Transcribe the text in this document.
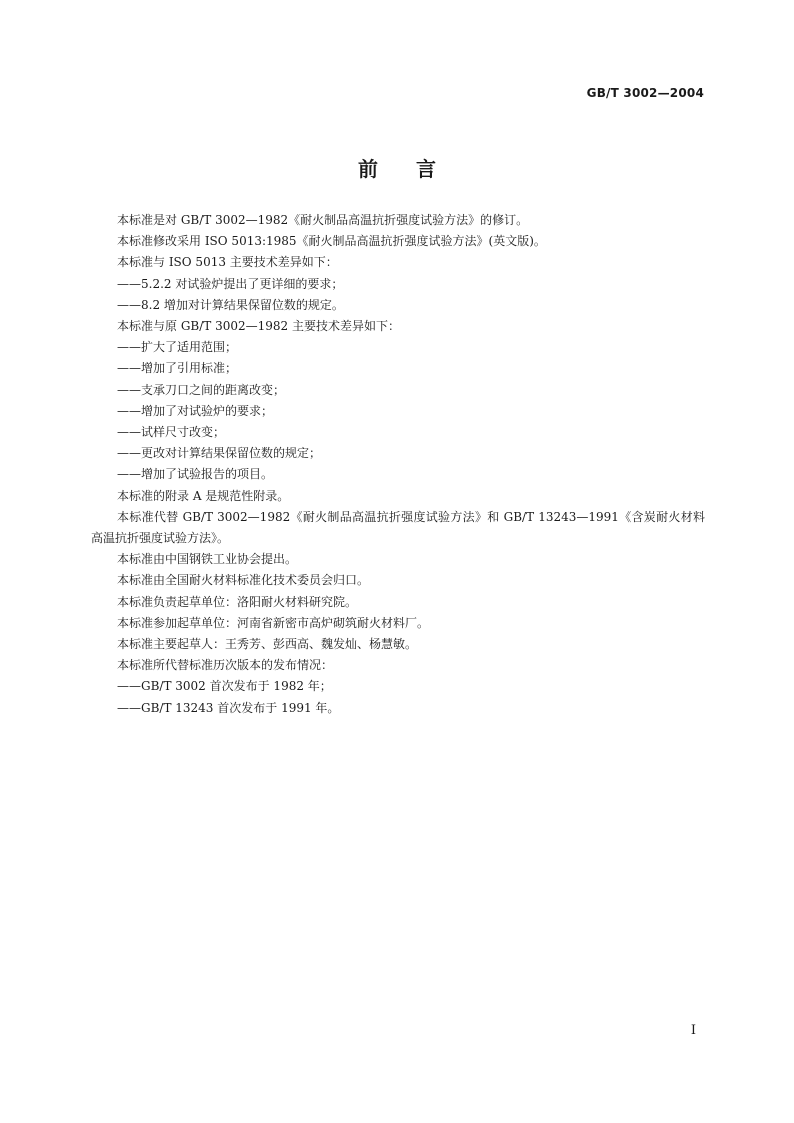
GB/T 3002—2004
前言

本标准是对 GB/T 3002—1982《耐火制品高温抗折强度试验方法》的修订。

本标准修改采用 ISO 5013:1985《耐火制品高温抗折强度试验方法》(英文版)。

本标准与 ISO 5013 主要技术差异如下：

——5.2.2 对试验炉提出了更详细的要求；

——8.2 增加对计算结果保留位数的规定。

本标准与原 GB/T 3002—1982 主要技术差异如下：

——扩大了适用范围；

——增加了引用标准；

——支承刀口之间的距离改变；

——增加了对试验炉的要求；

——试样尺寸改变；

——更改对计算结果保留位数的规定；

——增加了试验报告的项目。

本标准的附录 A 是规范性附录。

本标准代替 GB/T 3002—1982《耐火制品高温抗折强度试验方法》和 GB/T 13243—1991《含炭耐火材料高温抗折强度试验方法》。

本标准由中国钢铁工业协会提出。

本标准由全国耐火材料标准化技术委员会归口。

本标准负责起草单位：洛阳耐火材料研究院。

本标准参加起草单位：河南省新密市高炉砌筑耐火材料厂。

本标准主要起草人：王秀芳、彭西高、魏发灿、杨慧敏。

本标准所代替标准历次版本的发布情况：

——GB/T 3002 首次发布于 1982 年；

——GB/T 13243 首次发布于 1991 年。

I
